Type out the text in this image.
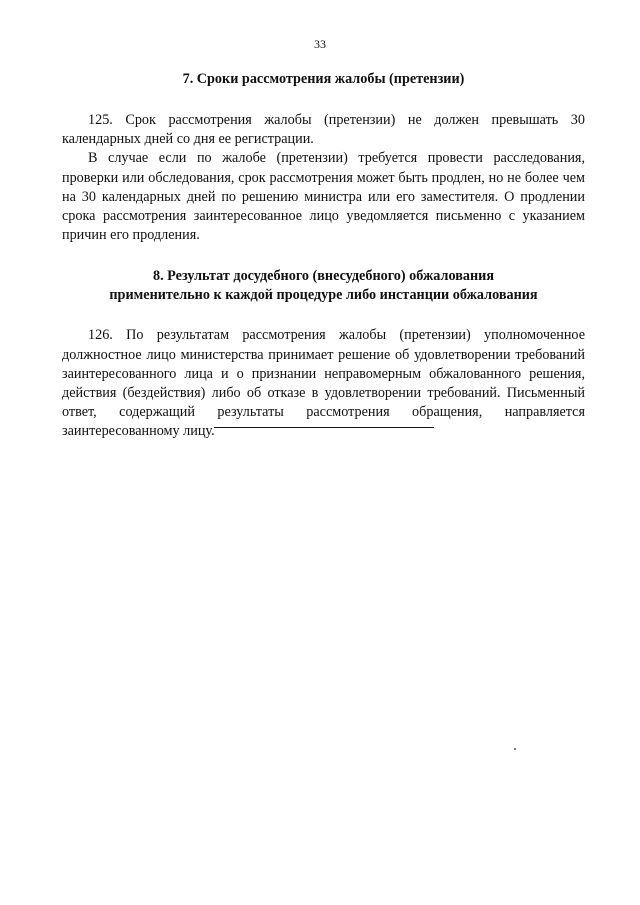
33
7. Сроки рассмотрения жалобы (претензии)

125. Срок рассмотрения жалобы (претензии) не должен превышать 30 календарных дней со дня ее регистрации.

В случае если по жалобе (претензии) требуется провести расследования, проверки или обследования, срок рассмотрения может быть продлен, но не более чем на 30 календарных дней по решению министра или его заместителя. О продлении срока рассмотрения заинтересованное лицо уведомляется письменно с указанием причин его продления.

8. Результат досудебного (внесудебного) обжалования
применительно к каждой процедуре либо инстанции обжалования

126. По результатам рассмотрения жалобы (претензии) уполномоченное должностное лицо министерства принимает решение об удовлетворении требований заинтересованного лица и о признании неправомерным обжалованного решения, действия (бездействия) либо об отказе в удовлетворении требований. Письменный ответ, содержащий результаты рассмотрения обращения, направляется заинтересованному лицу.
